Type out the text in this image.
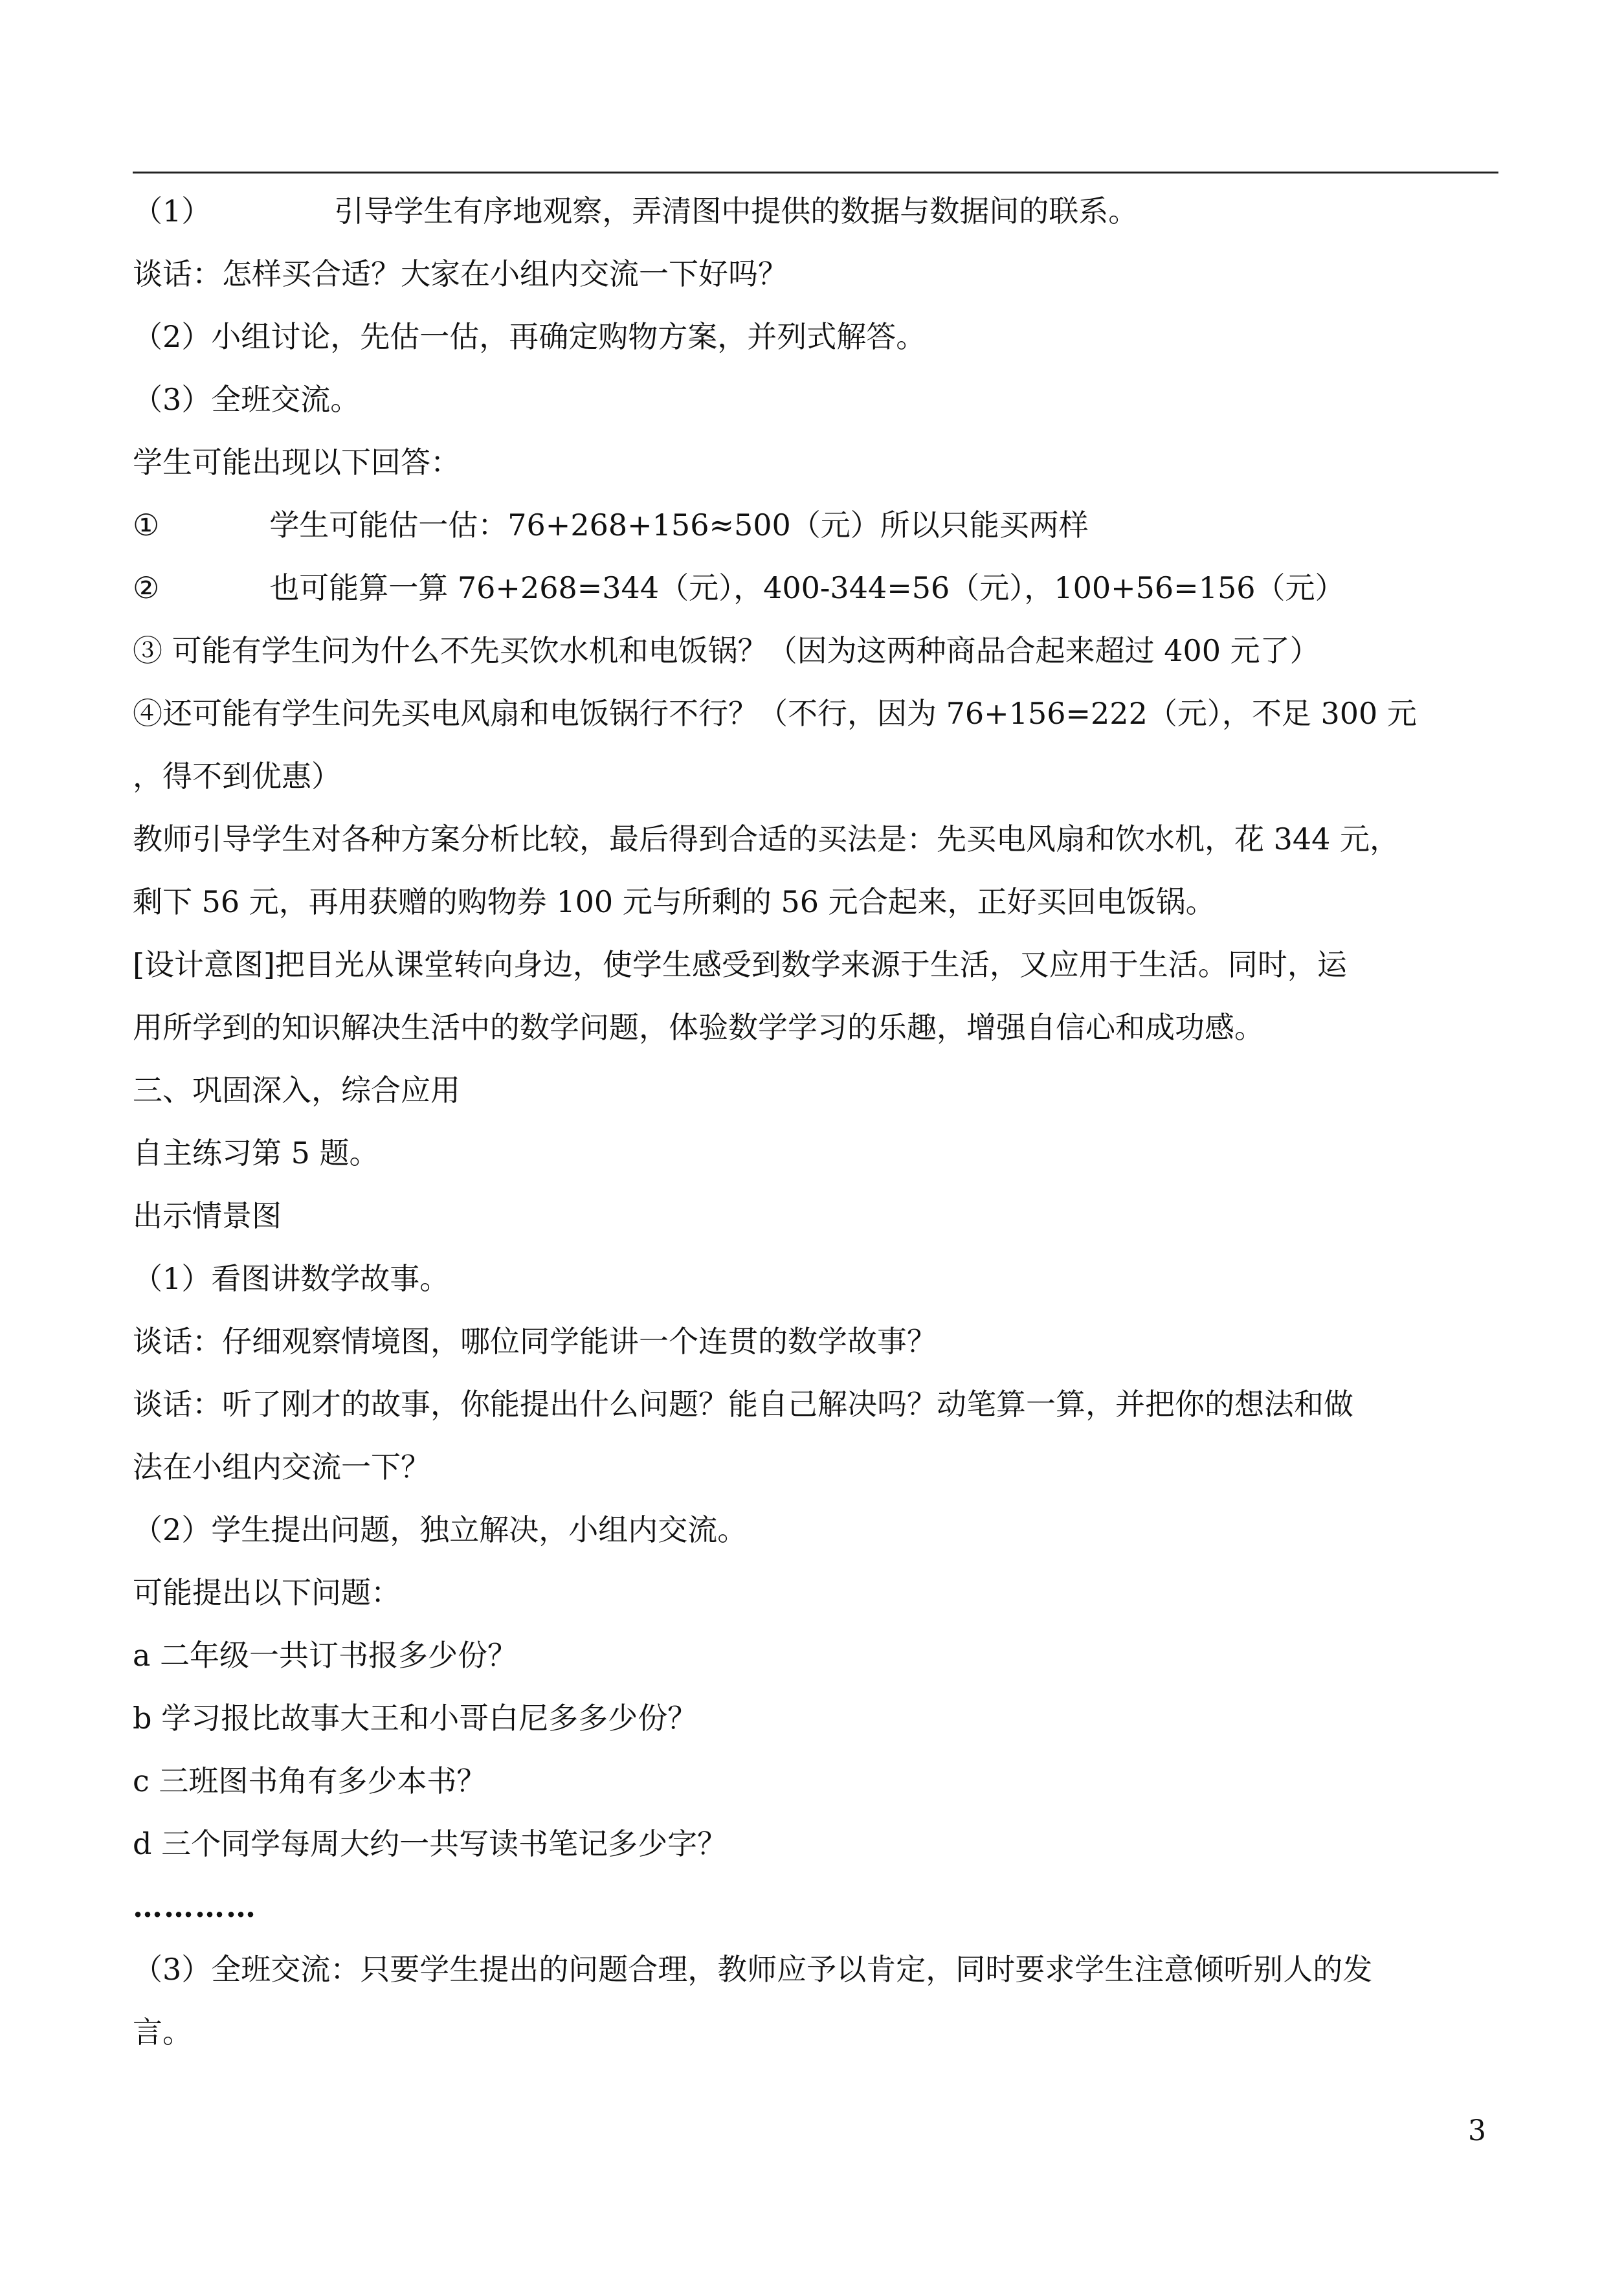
（1）	引导学生有序地观察，弄清图中提供的数据与数据间的联系。
谈话：怎样买合适？大家在小组内交流一下好吗？
（2）小组讨论，先估一估，再确定购物方案，并列式解答。
（3）全班交流。
学生可能出现以下回答：
①	学生可能估一估：76+268+156≈500（元）所以只能买两样
②	也可能算一算 76+268=344（元），400-344=56（元），100+56=156（元）
③ 可能有学生问为什么不先买饮水机和电饭锅？（因为这两种商品合起来超过 400 元了）
④还可能有学生问先买电风扇和电饭锅行不行？（不行，因为 76+156=222（元），不足 300 元
，得不到优惠）
教师引导学生对各种方案分析比较，最后得到合适的买法是：先买电风扇和饮水机，花 344 元，
剩下 56 元，再用获赠的购物券 100 元与所剩的 56 元合起来，正好买回电饭锅。
[设计意图]把目光从课堂转向身边，使学生感受到数学来源于生活，又应用于生活。同时，运
用所学到的知识解决生活中的数学问题，体验数学学习的乐趣，增强自信心和成功感。
三、巩固深入，综合应用
自主练习第 5 题。
出示情景图
（1）看图讲数学故事。
谈话：仔细观察情境图，哪位同学能讲一个连贯的数学故事？
谈话：听了刚才的故事，你能提出什么问题？能自己解决吗？动笔算一算，并把你的想法和做
法在小组内交流一下？
（2）学生提出问题，独立解决，小组内交流。
可能提出以下问题：
a 二年级一共订书报多少份？
b 学习报比故事大王和小哥白尼多多少份？
c 三班图书角有多少本书？
d 三个同学每周大约一共写读书笔记多少字？
…………
（3）全班交流：只要学生提出的问题合理，教师应予以肯定，同时要求学生注意倾听别人的发
言。
3
